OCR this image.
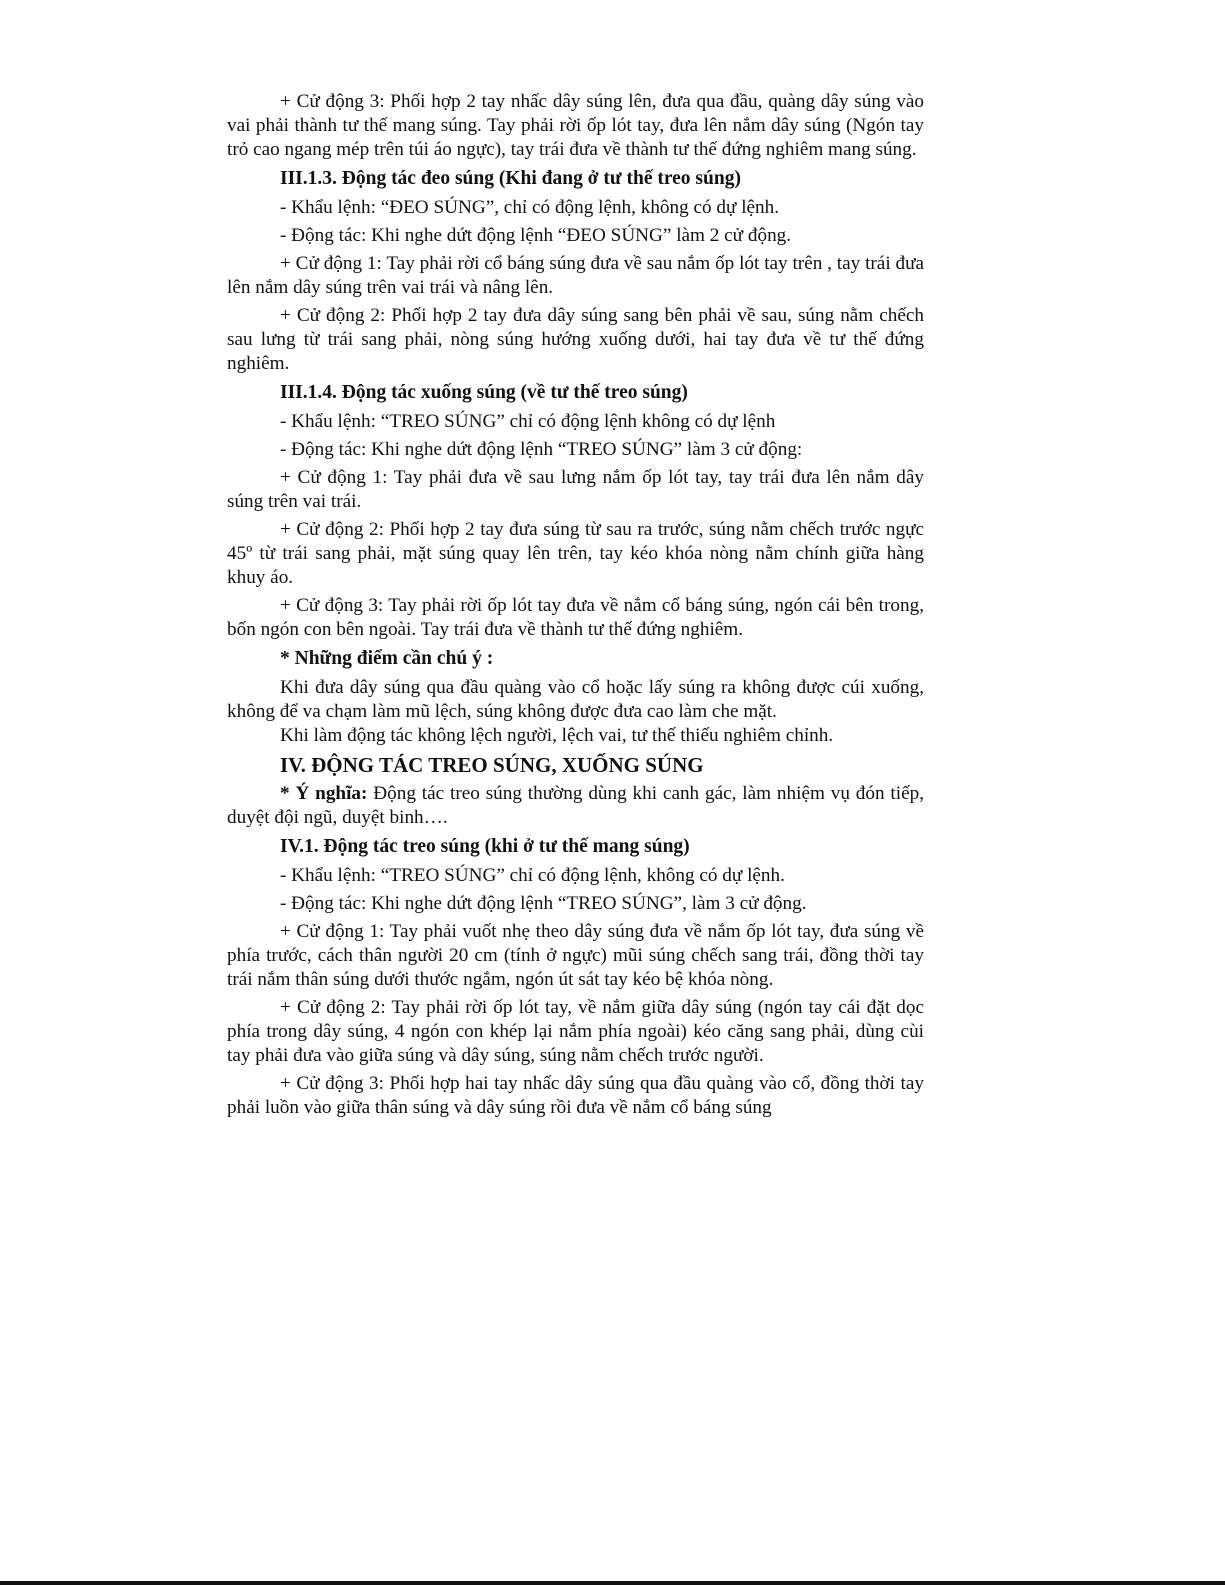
+ Cử động 3: Phối hợp 2 tay nhấc dây súng lên, đưa qua đầu, quàng dây súng vào vai phải thành tư thế mang súng. Tay phải rời ốp lót tay, đưa lên nắm dây súng (Ngón tay trỏ cao ngang mép trên túi áo ngực), tay trái đưa về thành tư thế đứng nghiêm mang súng.

III.1.3. Động tác đeo súng (Khi đang ở tư thế treo súng)

- Khẩu lệnh: “ĐEO SÚNG”, chỉ có động lệnh, không có dự lệnh.

- Động tác: Khi nghe dứt động lệnh “ĐEO SÚNG” làm 2 cử động.

+ Cử động 1: Tay phải rời cổ báng súng đưa về sau nắm ốp lót tay trên , tay trái đưa lên nắm dây súng trên vai trái và nâng lên.

+ Cử động 2: Phối hợp 2 tay đưa dây súng sang bên phải về sau, súng nằm chếch sau lưng từ trái sang phải, nòng súng hướng xuống dưới, hai tay đưa về tư thế đứng nghiêm.

III.1.4. Động tác xuống súng (về tư thế treo súng)

- Khẩu lệnh: “TREO SÚNG” chỉ có động lệnh không có dự lệnh

- Động tác: Khi nghe dứt động lệnh “TREO SÚNG” làm 3 cử động:

+ Cử động 1: Tay phải đưa về sau lưng nắm ốp lót tay, tay trái đưa lên nắm dây súng trên vai trái.

+ Cử động 2: Phối hợp 2 tay đưa súng từ sau ra trước, súng nằm chếch trước ngực 45º từ trái sang phải, mặt súng quay lên trên, tay kéo khóa nòng nằm chính giữa hàng khuy áo.

+ Cử động 3: Tay phải rời ốp lót tay đưa về nắm cổ báng súng, ngón cái bên trong, bốn ngón con bên ngoài. Tay trái đưa về thành tư thế đứng nghiêm.

* Những điểm cần chú ý :

Khi đưa dây súng qua đầu quàng vào cổ hoặc lấy súng ra không được cúi xuống, không để va chạm làm mũ lệch, súng không được đưa cao làm che mặt.

Khi làm động tác không lệch người, lệch vai, tư thế thiếu nghiêm chỉnh.

IV. ĐỘNG TÁC TREO SÚNG, XUỐNG SÚNG

* Ý nghĩa: Động tác treo súng thường dùng khi canh gác, làm nhiệm vụ đón tiếp, duyệt đội ngũ, duyệt binh….

IV.1. Động tác treo súng (khi ở tư thế mang súng)

- Khẩu lệnh: “TREO SÚNG” chỉ có động lệnh, không có dự lệnh.

- Động tác: Khi nghe dứt động lệnh “TREO SÚNG”, làm 3 cử động.

+ Cử động 1: Tay phải vuốt nhẹ theo dây súng đưa về nắm ốp lót tay, đưa súng về phía trước, cách thân người 20 cm (tính ở ngực) mũi súng chếch sang trái, đồng thời tay trái nắm thân súng dưới thước ngắm, ngón út sát tay kéo bệ khóa nòng.

+ Cử động 2: Tay phải rời ốp lót tay, về nắm giữa dây súng (ngón tay cái đặt dọc phía trong dây súng, 4 ngón con khép lại nắm phía ngoài) kéo căng sang phải, dùng cùi tay phải đưa vào giữa súng và dây súng, súng nằm chếch trước người.

+ Cử động 3: Phối hợp hai tay nhấc dây súng qua đầu quàng vào cổ, đồng thời tay phải luồn vào giữa thân súng và dây súng rồi đưa về nắm cổ báng súng
